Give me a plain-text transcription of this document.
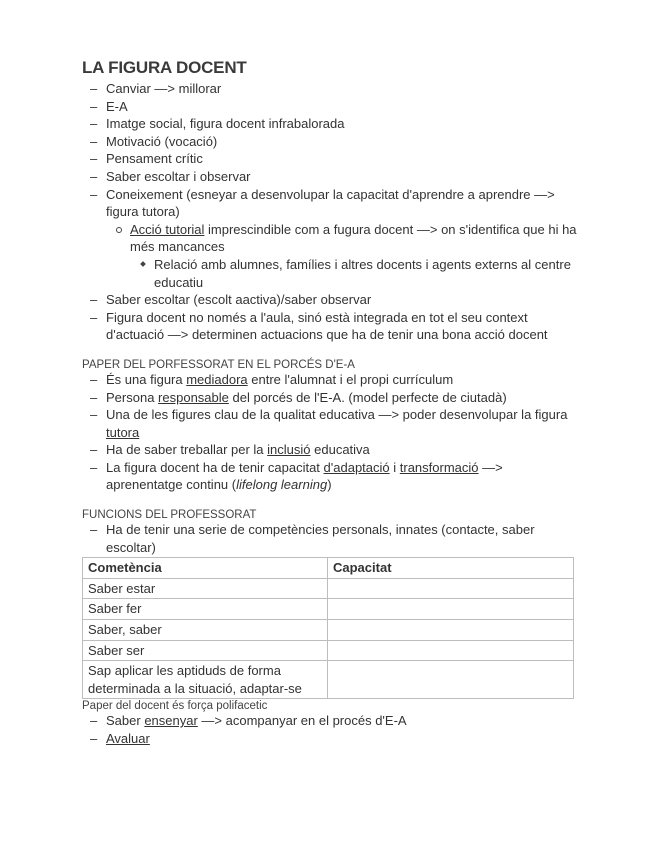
LA FIGURA DOCENT
– Canviar —> millorar
– E-A
– Imatge social, figura docent infrabalorada
– Motivació (vocació)
– Pensament crític
– Saber escoltar i observar
– Coneixement (esneyar a desenvolupar la capacitat d'aprendre a aprendre —> figura tutora)
Acció tutorial imprescindible com a fugura docent —> on s'identifica que hi ha més mancances
Relació amb alumnes, famílies i altres docents i agents externs al centre educatiu
– Saber escoltar (escolt aactiva)/saber observar
– Figura docent no només a l'aula, sinó està integrada en tot el seu context d'actuació —> determinen actuacions que ha de tenir una bona acció docent

PAPER DEL PORFESSORAT EN EL PORCÉS D'E-A

– És una figura mediadora entre l'alumnat i el propi currículum
– Persona responsable del porcés de l'E-A. (model perfecte de ciutadà)
– Una de les figures clau de la qualitat educativa —> poder desenvolupar la figura tutora
– Ha de saber treballar per la inclusió educativa
– La figura docent ha de tenir capacitat d'adaptació i transformació —> aprenentatge continu (lifelong learning)

FUNCIONS DEL PROFESSORAT

– Ha de tenir una serie de competències personals, innates (contacte, saber escoltar)
Cometència	Capacitat
Saber estar	
Saber fer	
Saber, saber	
Saber ser	
Sap aplicar les aptiduds de forma determinada a la situació, adaptar-se	

Paper del docent és força polifacetic

– Saber ensenyar —> acompanyar en el procés d'E-A
– Avaluar
